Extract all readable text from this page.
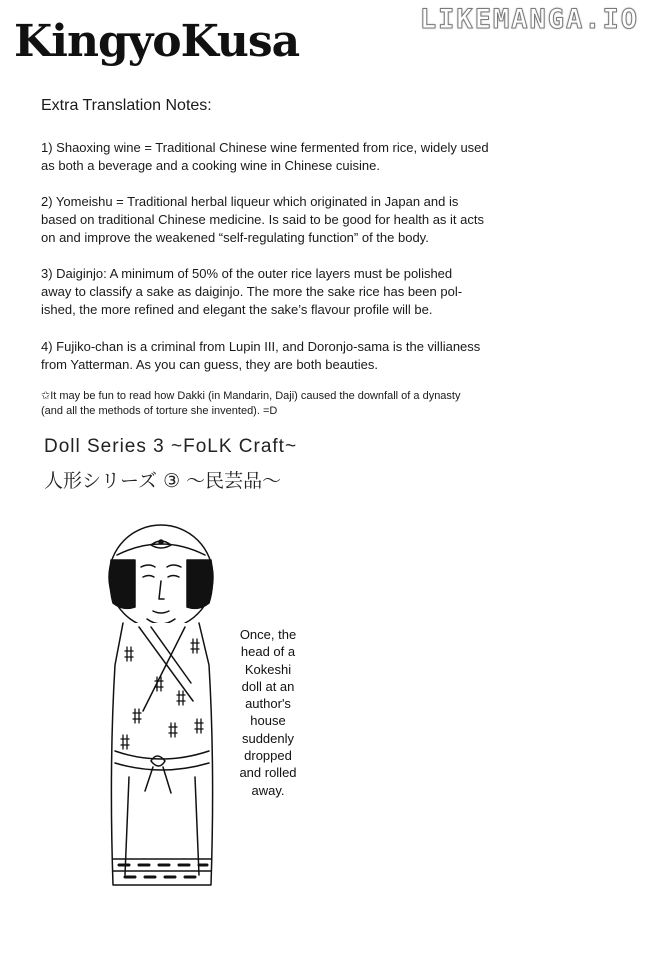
KingyoKusa	LIKEMANGA.IO
Extra Translation Notes:

1) Shaoxing wine = Traditional Chinese wine fermented from rice, widely used

as both a beverage and a cooking wine in Chinese cuisine.

2) Yomeishu = Traditional herbal liqueur which originated in Japan and is

based on traditional Chinese medicine. Is said to be good for health as it acts

on and improve the weakened “self-regulating function” of the body.

3) Daiginjo: A minimum of 50% of the outer rice layers must be polished

away to classify a sake as daiginjo. The more the sake rice has been pol-

ished, the more refined and elegant the sake’s flavour profile will be.

4) Fujiko-chan is a criminal from Lupin III, and Doronjo-sama is the villianess

from Yatterman. As you can guess, they are both beauties.

✩It may be fun to read how Dakki (in Mandarin, Daji) caused the downfall of a dynasty
(and all the methods of torture she invented). =D
Doll Series 3 ~FoLK Craft~
人形シリーズ ③ ～民芸品～
Once, the
head of a
Kokeshi
doll at an
author's
house
suddenly
dropped
and rolled
away.
